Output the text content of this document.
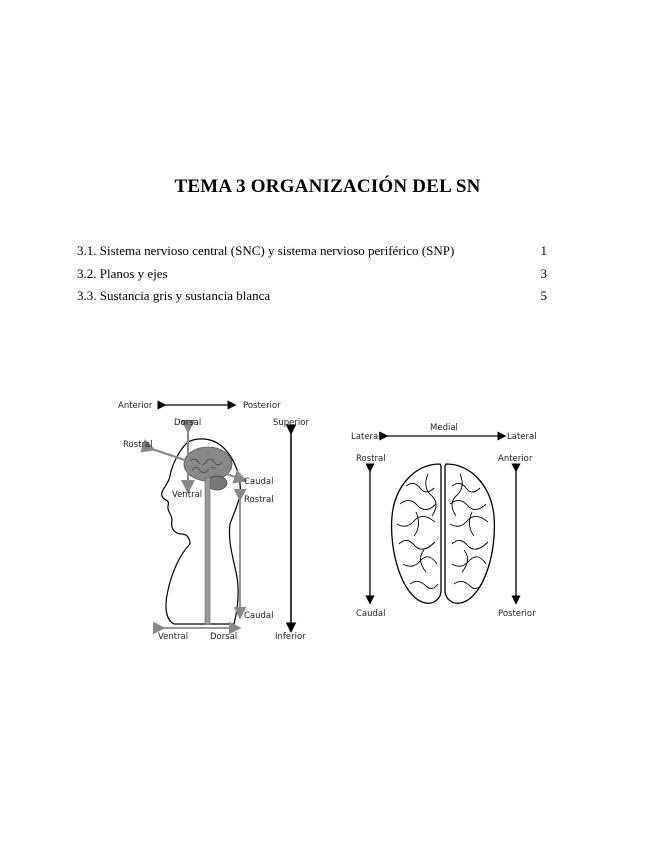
TEMA 3 ORGANIZACIÓN DEL SN
3.1. Sistema nervioso central (SNC) y sistema nervioso periférico (SNP)	1
3.2. Planos y ejes	3
3.3. Sustancia gris y sustancia blanca	5
Anterior	Posterior
Dorsal
Rostral
Ventral
Caudal
Superior
Rostral
Caudal
Ventral	Dorsal	Inferior
Medial
Lateral	Lateral
Rostral
Caudal
Anterior
Posterior
